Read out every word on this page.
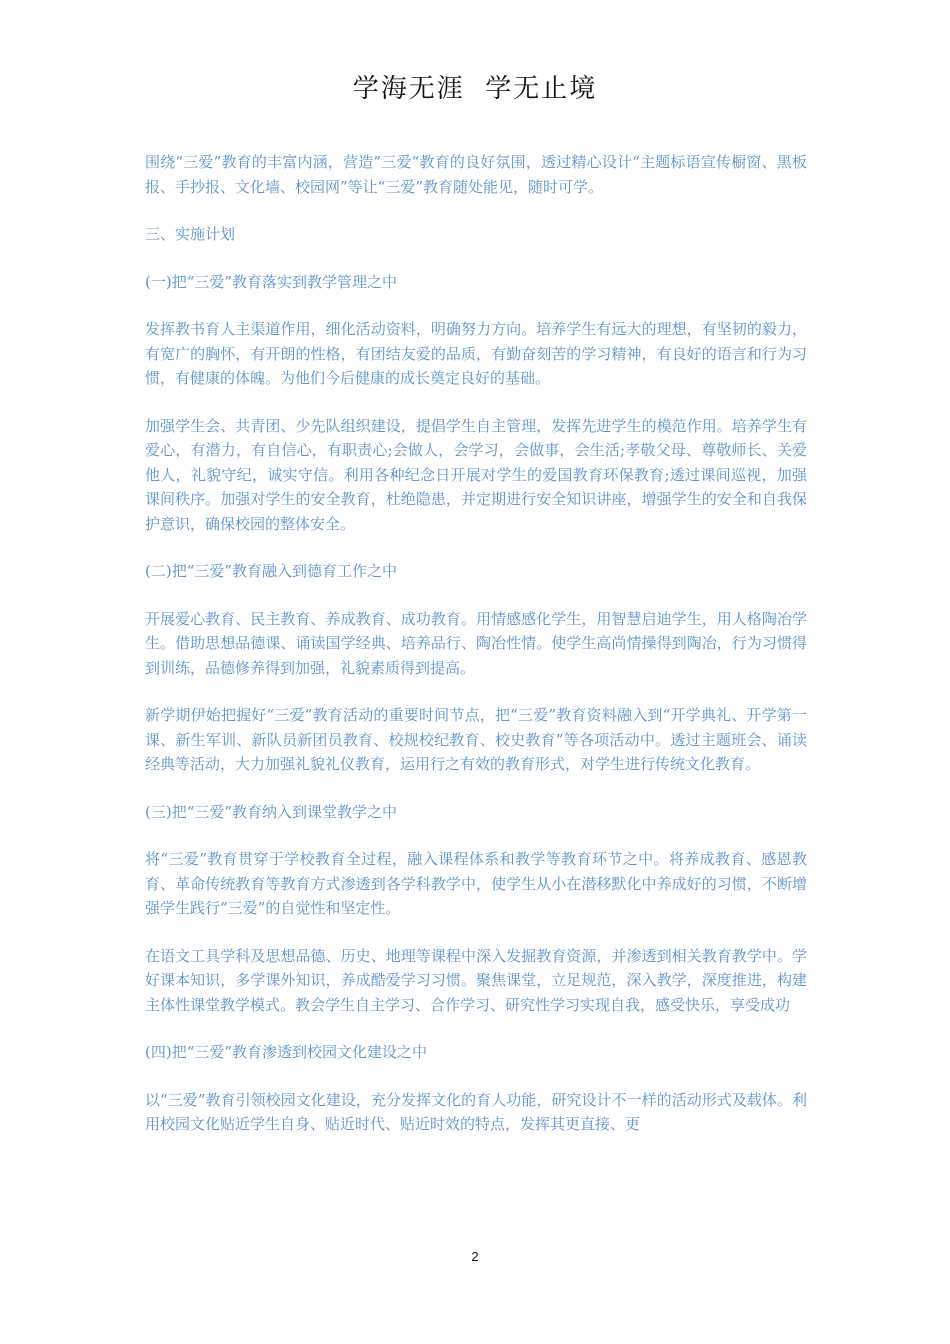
学海无涯  学无止境

围绕“三爱”教育的丰富内涵，营造”三爱“教育的良好氛围，透过精心设计“主题标语宣传橱窗、黑板报、手抄报、文化墙、校园网”等让“三爱”教育随处能见，随时可学。

三、实施计划

(一)把“三爱”教育落实到教学管理之中

发挥教书育人主渠道作用，细化活动资料，明确努力方向。培养学生有远大的理想，有坚韧的毅力，有宽广的胸怀，有开朗的性格，有团结友爱的品质，有勤奋刻苦的学习精神，有良好的语言和行为习惯，有健康的体魄。为他们今后健康的成长奠定良好的基础。

加强学生会、共青团、少先队组织建设，提倡学生自主管理，发挥先进学生的模范作用。培养学生有爱心，有潜力，有自信心，有职责心;会做人，会学习，会做事，会生活;孝敬父母、尊敬师长、关爱他人，礼貌守纪，诚实守信。利用各种纪念日开展对学生的爱国教育环保教育;透过课间巡视，加强课间秩序。加强对学生的安全教育，杜绝隐患，并定期进行安全知识讲座，增强学生的安全和自我保护意识，确保校园的整体安全。

(二)把“三爱”教育融入到德育工作之中

开展爱心教育、民主教育、养成教育、成功教育。用情感感化学生，用智慧启迪学生，用人格陶冶学生。借助思想品德课、诵读国学经典、培养品行、陶冶性情。使学生高尚情操得到陶冶，行为习惯得到训练，品德修养得到加强，礼貌素质得到提高。

新学期伊始把握好“三爱”教育活动的重要时间节点，把“三爱”教育资料融入到“开学典礼、开学第一课、新生军训、新队员新团员教育、校规校纪教育、校史教育”等各项活动中。透过主题班会、诵读经典等活动，大力加强礼貌礼仪教育，运用行之有效的教育形式，对学生进行传统文化教育。

(三)把“三爱”教育纳入到课堂教学之中

将“三爱”教育贯穿于学校教育全过程，融入课程体系和教学等教育环节之中。将养成教育、感恩教育、革命传统教育等教育方式渗透到各学科教学中，使学生从小在潜移默化中养成好的习惯，不断增强学生践行“三爱”的自觉性和坚定性。

在语文工具学科及思想品德、历史、地理等课程中深入发掘教育资源，并渗透到相关教育教学中。学好课本知识，多学课外知识，养成酷爱学习习惯。聚焦课堂，立足规范，深入教学，深度推进，构建主体性课堂教学模式。教会学生自主学习、合作学习、研究性学习实现自我，感受快乐，享受成功

(四)把“三爱”教育渗透到校园文化建设之中

以“三爱”教育引领校园文化建设，充分发挥文化的育人功能，研究设计不一样的活动形式及载体。利用校园文化贴近学生自身、贴近时代、贴近时效的特点，发挥其更直接、更

2
